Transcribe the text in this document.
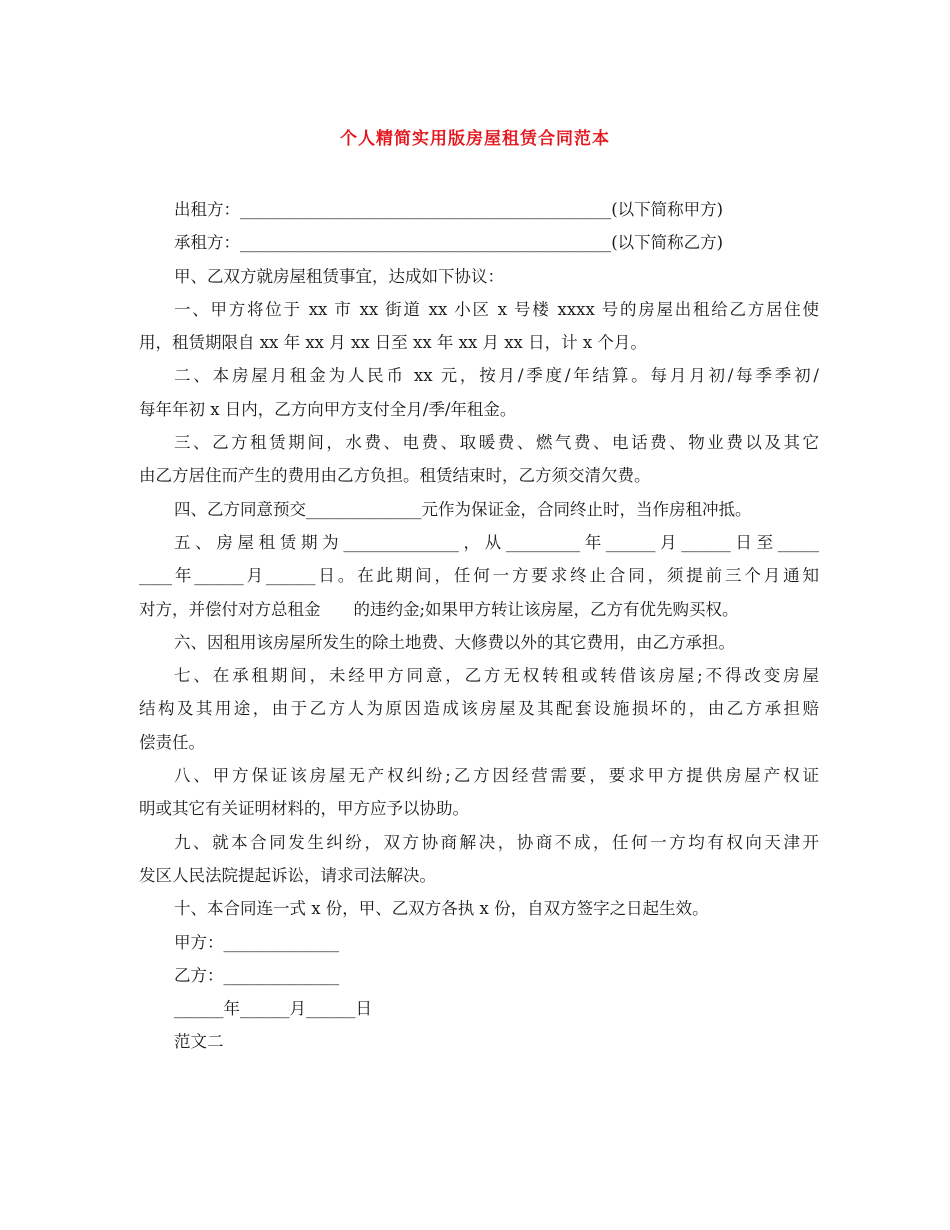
个人精简实用版房屋租赁合同范本
出租方：_____________________________________________(以下简称甲方)
承租方：_____________________________________________(以下简称乙方)
甲、乙双方就房屋租赁事宜，达成如下协议：
一、甲方将位于 xx 市 xx 街道 xx 小区 x 号楼 xxxx 号的房屋出租给乙方居住使
用，租赁期限自 xx 年 xx 月 xx 日至 xx 年 xx 月 xx 日，计 x 个月。
二、本房屋月租金为人民币 xx 元，按月/季度/年结算。每月月初/每季季初/
每年年初 x 日内，乙方向甲方支付全月/季/年租金。
三、乙方租赁期间，水费、电费、取暖费、燃气费、电话费、物业费以及其它
由乙方居住而产生的费用由乙方负担。租赁结束时，乙方须交清欠费。
四、乙方同意预交______________元作为保证金，合同终止时，当作房租冲抵。
五、房屋租赁期为______________，从_________年______月______日至_____
____年______月______日。在此期间，任何一方要求终止合同，须提前三个月通知
对方，并偿付对方总租金　　的违约金;如果甲方转让该房屋，乙方有优先购买权。
六、因租用该房屋所发生的除土地费、大修费以外的其它费用，由乙方承担。
七、在承租期间，未经甲方同意，乙方无权转租或转借该房屋;不得改变房屋
结构及其用途，由于乙方人为原因造成该房屋及其配套设施损坏的，由乙方承担赔
偿责任。
八、甲方保证该房屋无产权纠纷;乙方因经营需要，要求甲方提供房屋产权证
明或其它有关证明材料的，甲方应予以协助。
九、就本合同发生纠纷，双方协商解决，协商不成，任何一方均有权向天津开
发区人民法院提起诉讼，请求司法解决。
十、本合同连一式 x 份，甲、乙双方各执 x 份，自双方签字之日起生效。
甲方：______________
乙方：______________
______年______月______日
范文二
